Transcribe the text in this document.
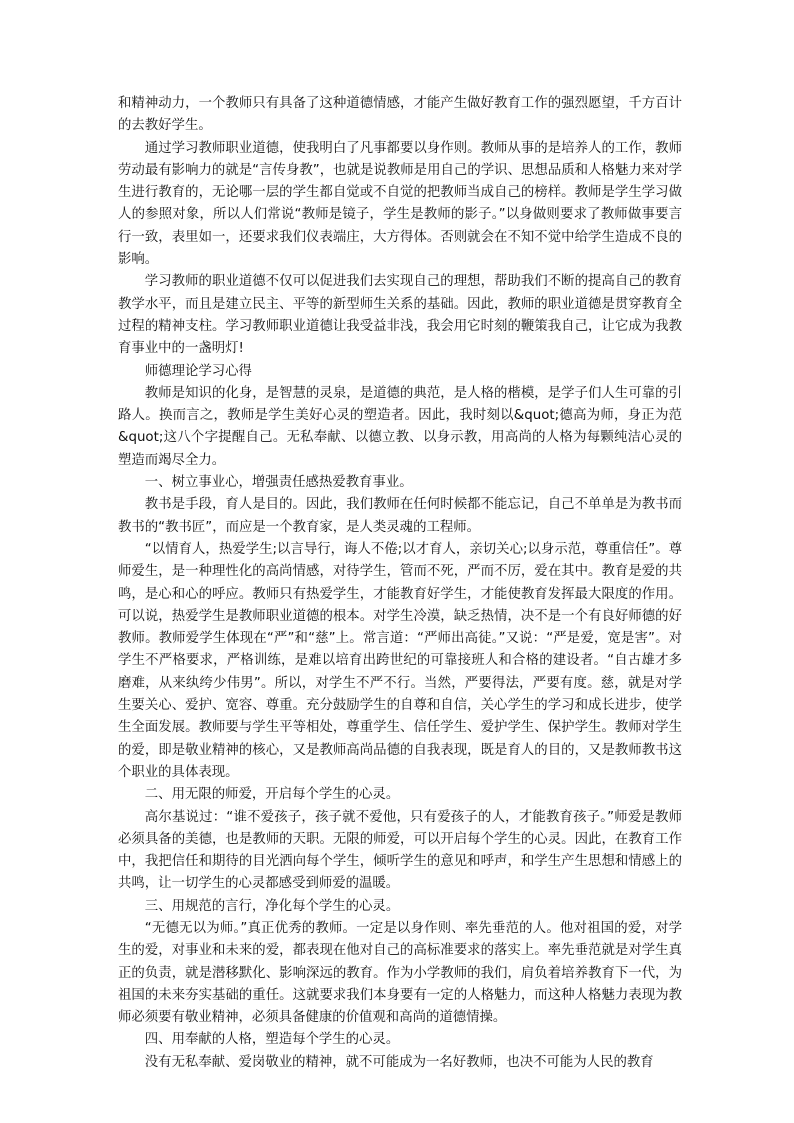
和精神动力，一个教师只有具备了这种道德情感，才能产生做好教育工作的强烈愿望，千方百计的去教好学生。

通过学习教师职业道德，使我明白了凡事都要以身作则。教师从事的是培养人的工作，教师劳动最有影响力的就是“言传身教”，也就是说教师是用自己的学识、思想品质和人格魅力来对学生进行教育的，无论哪一层的学生都自觉或不自觉的把教师当成自己的榜样。教师是学生学习做人的参照对象，所以人们常说“教师是镜子，学生是教师的影子。”以身做则要求了教师做事要言行一致，表里如一，还要求我们仪表端庄，大方得体。否则就会在不知不觉中给学生造成不良的影响。

学习教师的职业道德不仅可以促进我们去实现自己的理想，帮助我们不断的提高自己的教育教学水平，而且是建立民主、平等的新型师生关系的基础。因此，教师的职业道德是贯穿教育全过程的精神支柱。学习教师职业道德让我受益非浅，我会用它时刻的鞭策我自己，让它成为我教育事业中的一盏明灯!

师德理论学习心得

教师是知识的化身，是智慧的灵泉，是道德的典范，是人格的楷模，是学子们人生可靠的引路人。换而言之，教师是学生美好心灵的塑造者。因此，我时刻以&quot;德高为师，身正为范&quot;这八个字提醒自己。无私奉献、以德立教、以身示教，用高尚的人格为每颗纯洁心灵的塑造而竭尽全力。

一、树立事业心，增强责任感热爱教育事业。

教书是手段，育人是目的。因此，我们教师在任何时候都不能忘记，自己不单单是为教书而教书的“教书匠”，而应是一个教育家，是人类灵魂的工程师。

“以情育人，热爱学生;以言导行，诲人不倦;以才育人，亲切关心;以身示范，尊重信任”。尊师爱生，是一种理性化的高尚情感，对待学生，管而不死，严而不厉，爱在其中。教育是爱的共鸣，是心和心的呼应。教师只有热爱学生，才能教育好学生，才能使教育发挥最大限度的作用。可以说，热爱学生是教师职业道德的根本。对学生冷漠，缺乏热情，决不是一个有良好师德的好教师。教师爱学生体现在“严”和“慈”上。常言道：“严师出高徒。”又说：“严是爱，宽是害”。对学生不严格要求，严格训练，是难以培育出跨世纪的可靠接班人和合格的建设者。“自古雄才多磨难，从来纨绔少伟男”。所以，对学生不严不行。当然，严要得法，严要有度。慈，就是对学生要关心、爱护、宽容、尊重。充分鼓励学生的自尊和自信，关心学生的学习和成长进步，使学生全面发展。教师要与学生平等相处，尊重学生、信任学生、爱护学生、保护学生。教师对学生的爱，即是敬业精神的核心，又是教师高尚品德的自我表现，既是育人的目的，又是教师教书这个职业的具体表现。

二、用无限的师爱，开启每个学生的心灵。

高尔基说过：“谁不爱孩子，孩子就不爱他，只有爱孩子的人，才能教育孩子。”师爱是教师必须具备的美德，也是教师的天职。无限的师爱，可以开启每个学生的心灵。因此，在教育工作中，我把信任和期待的目光洒向每个学生，倾听学生的意见和呼声，和学生产生思想和情感上的共鸣，让一切学生的心灵都感受到师爱的温暖。

三、用规范的言行，净化每个学生的心灵。

“无德无以为师。”真正优秀的教师。一定是以身作则、率先垂范的人。他对祖国的爱，对学生的爱，对事业和未来的爱，都表现在他对自己的高标准要求的落实上。率先垂范就是对学生真正的负责，就是潜移默化、影响深远的教育。作为小学教师的我们，肩负着培养教育下一代，为祖国的未来夯实基础的重任。这就要求我们本身要有一定的人格魅力，而这种人格魅力表现为教师必须要有敬业精神，必须具备健康的价值观和高尚的道德情操。

四、用奉献的人格，塑造每个学生的心灵。

没有无私奉献、爱岗敬业的精神，就不可能成为一名好教师，也决不可能为人民的教育
